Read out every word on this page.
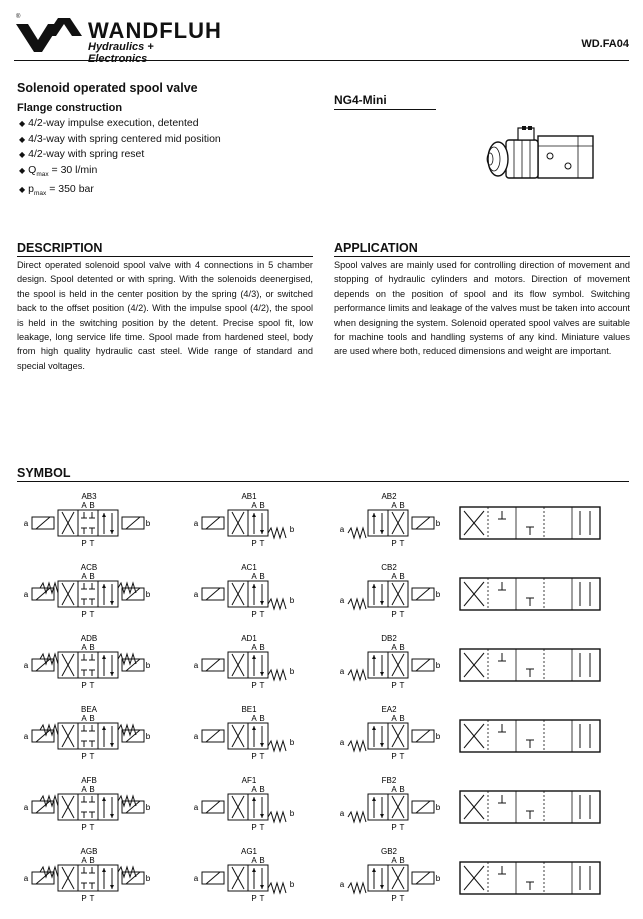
®
WANDFLUH
Hydraulics + Electronics
WD.FA04
Solenoid operated spool valve
Flange construction
◆ 4/2-way impulse execution, detented
◆ 4/3-way with spring centered mid position
◆ 4/2-way with spring reset
◆ $Q_{max} = 30$ l/min
◆ $p_{max} = 350$ bar
NG4-Mini
DESCRIPTION
Direct operated solenoid spool valve with 4 connections in 5 chamber design. Spool detented or with spring. With the solenoids deenergised, the spool is held in the center position by the spring (4/3), or switched back to the offset position (4/2). With the impulse spool (4/2), the spool is held in the switching position by the detent. Precise spool fit, low leakage, long service life time. Spool made from hardened steel, body from high quality hydraulic cast steel. Wide range of standard and special voltages.
APPLICATION
Spool valves are mainly used for controlling direction of movement and stopping of hydraulic cylinders and motors. Direction of movement depends on the position of spool and its flow symbol. Switching performance limits and leakage of the valves must be taken into account when designing the system. Solenoid operated spool valves are suitable for machine tools and handling systems of any kind. Miniature values are used where both, reduced dimensions and weight are important.
SYMBOL
AB3
A B
P T
a	b
AB1
A B
P T
a
b
AB2
A B
P T
a
b
ACB
A B
P T
a	b
AC1
A B
P T
a
b
CB2
A B
P T
a
b
ADB
A B
P T
a	b
AD1
A B
P T
a
b
DB2
A B
P T
a
b
BEA
A B
P T
a	b
BE1
A B
P T
a
b
EA2
A B
P T
a
b
AFB
A B
P T
a	b
AF1
A B
P T
a
b
FB2
A B
P T
a
b
AGB
A B
P T
a	b
AG1
A B
P T
a
b
GB2
A B
P T
a
b
